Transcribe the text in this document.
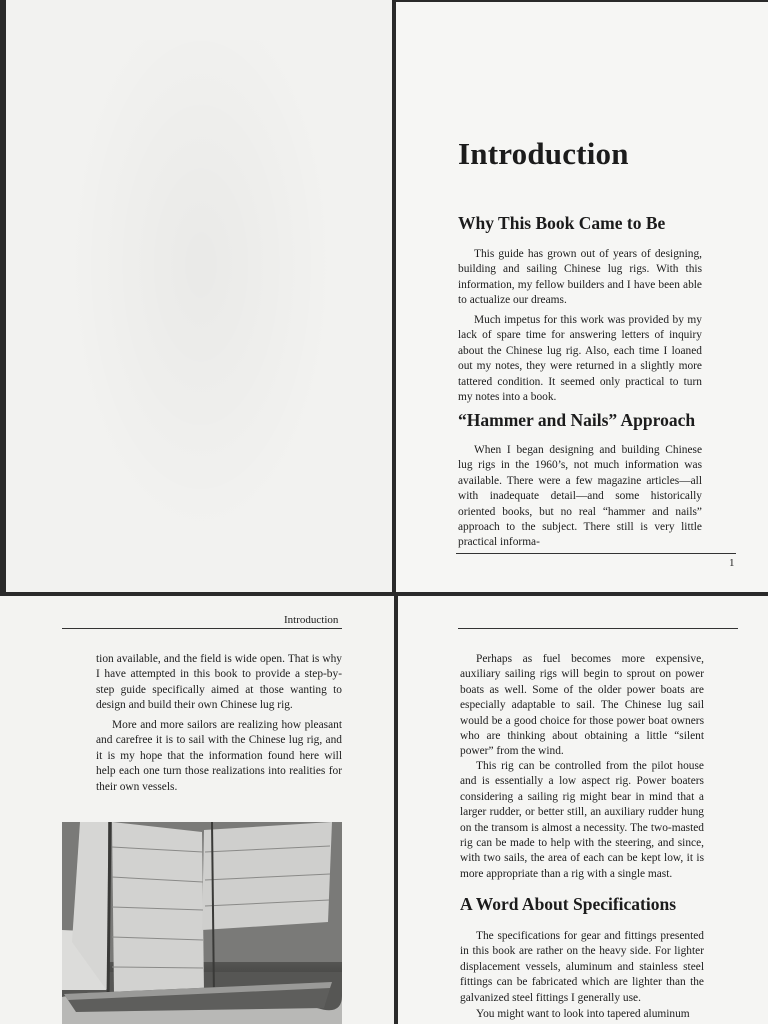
Introduction
Why This Book Came to Be

This guide has grown out of years of designing, building and sailing Chinese lug rigs. With this information, my fellow builders and I have been able to actualize our dreams.

Much impetus for this work was provided by my lack of spare time for answering letters of inquiry about the Chinese lug rig. Also, each time I loaned out my notes, they were returned in a slightly more tattered condition. It seemed only practical to turn my notes into a book.

“Hammer and Nails” Approach

When I began designing and building Chinese lug rigs in the 1960’s, not much information was available. There were a few magazine articles—all with inadequate detail—and some historically oriented books, but no real “hammer and nails” approach to the subject. There still is very little practical informa-

1
Introduction

tion available, and the field is wide open. That is why I have attempted in this book to provide a step-by-step guide specifically aimed at those wanting to design and build their own Chinese lug rig.

More and more sailors are realizing how pleasant and carefree it is to sail with the Chinese lug rig, and it is my hope that the information found here will help each one turn those realizations into realities for their own vessels.

Perhaps as fuel becomes more expensive, auxiliary sailing rigs will begin to sprout on power boats as well. Some of the older power boats are especially adaptable to sail. The Chinese lug sail would be a good choice for those power boat owners who are thinking about obtaining a little “silent power” from the wind.

This rig can be controlled from the pilot house and is essentially a low aspect rig. Power boaters considering a sailing rig might bear in mind that a larger rudder, or better still, an auxiliary rudder hung on the transom is almost a necessity. The two-masted rig can be made to help with the steering, and since, with two sails, the area of each can be kept low, it is more appropriate than a rig with a single mast.

A Word About Specifications

The specifications for gear and fittings presented in this book are rather on the heavy side. For lighter displacement vessels, aluminum and stainless steel fittings can be fabricated which are lighter than the galvanized steel fittings I generally use.

You might want to look into tapered aluminum
